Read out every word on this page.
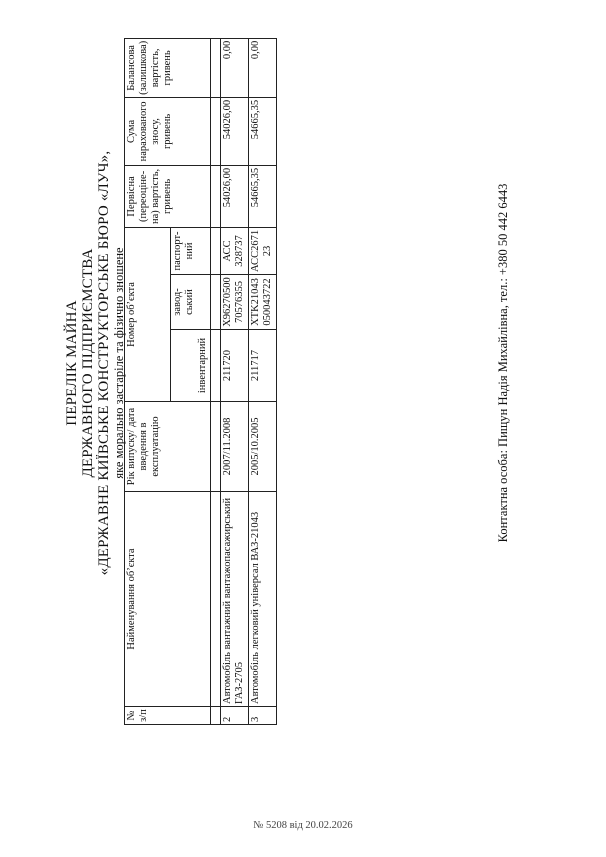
ПЕРЕЛІК МАЙНА ДЕРЖАВНОГО ПІДПРИЄМСТВА «ДЕРЖАВНЕ КИЇВСЬКЕ КОНСТРУКТОРСЬКЕ БЮРО «ЛУЧ», яке морально застаріле та фізично зношене
№ з/п	Найменування об’єкта	Рік випуску/ дата введення в експлуатацію	Номер об’єкта			Первісна (переоціне-на) вартість, гривень	Сума нарахованого зносу, гривень	Балансова (залишкова) вартість, гривень
			інвентарний	завод-ський	паспорт-ний			

2	Автомобіль вантажний вантажопасажирський ГАЗ-2705	2007/11.2008	211720	X96270500 70576355	АСС 328737	54026,00	54026,00	0,00
3	Автомобіль легковий універсал ВАЗ-21043	2005/10.2005	211717	XTK21043 050043722	АСС2671 23	54665,35	54665,35	0,00
Контактна особа: Пищун Надія Михайлівна, тел.: +380 50 442 6443
№ 5208 від 20.02.2026
